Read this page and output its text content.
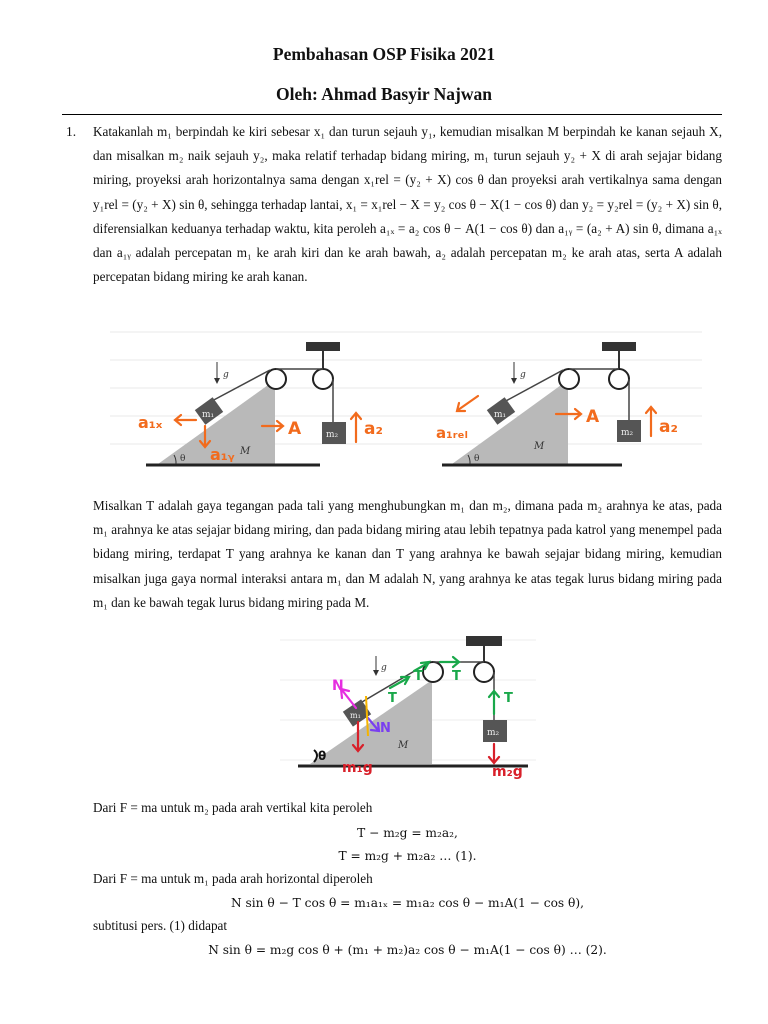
Pembahasan OSP Fisika 2021
Oleh: Ahmad Basyir Najwan
1. Katakanlah m₁ berpindah ke kiri sebesar x₁ dan turun sejauh y₁, kemudian misalkan M berpindah ke kanan sejauh X, dan misalkan m₂ naik sejauh y₂, maka relatif terhadap bidang miring, m₁ turun sejauh y₂ + X di arah sejajar bidang miring, proyeksi arah horizontalnya sama dengan x₁rel = (y₂ + X) cos θ dan proyeksi arah vertikalnya sama dengan y₁rel = (y₂ + X) sin θ, sehingga terhadap lantai, x₁ = x₁rel − X = y₂ cos θ − X(1 − cos θ) dan y₂ = y₂rel = (y₂ + X) sin θ, diferensialkan keduanya terhadap waktu, kita peroleh a₁ₓ = a₂ cos θ − A(1 − cos θ) dan a₁ᵧ = (a₂ + A) sin θ, dimana a₁ₓ dan a₁ᵧ adalah percepatan m₁ ke arah kiri dan ke arah bawah, a₂ adalah percepatan m₂ ke arah atas, serta A adalah percepatan bidang miring ke arah kanan.
m₁
m₂
M
θ
g
a₁ₓ
a₁ᵧ
A	a₂
m₁
m₂
M
θ
g
a₁ᵣₑₗ
A	a₂
Misalkan T adalah gaya tegangan pada tali yang menghubungkan m₁ dan m₂, dimana pada m₂ arahnya ke atas, pada m₁ arahnya ke atas sejajar bidang miring, dan pada bidang miring atau lebih tepatnya pada katrol yang menempel pada bidang miring, terdapat T yang arahnya ke kanan dan T yang arahnya ke bawah sejajar bidang miring, kemudian misalkan juga gaya normal interaksi antara m₁ dan M adalah N, yang arahnya ke atas tegak lurus bidang miring pada m₁ dan ke bawah tegak lurus bidang miring pada M.
m₁
m₂
M
g
θ
T
T T
T
N
N
m₁g	m₂g
Dari F = ma untuk m₂ pada arah vertikal kita peroleh
T − m₂g = m₂a₂,
T = m₂g + m₂a₂ … (1).
Dari F = ma untuk m₁ pada arah horizontal diperoleh
N sin θ − T cos θ = m₁a₁ₓ = m₁a₂ cos θ − m₁A(1 − cos θ),
subtitusi pers. (1) didapat
N sin θ = m₂g cos θ + (m₁ + m₂)a₂ cos θ − m₁A(1 − cos θ) … (2).
